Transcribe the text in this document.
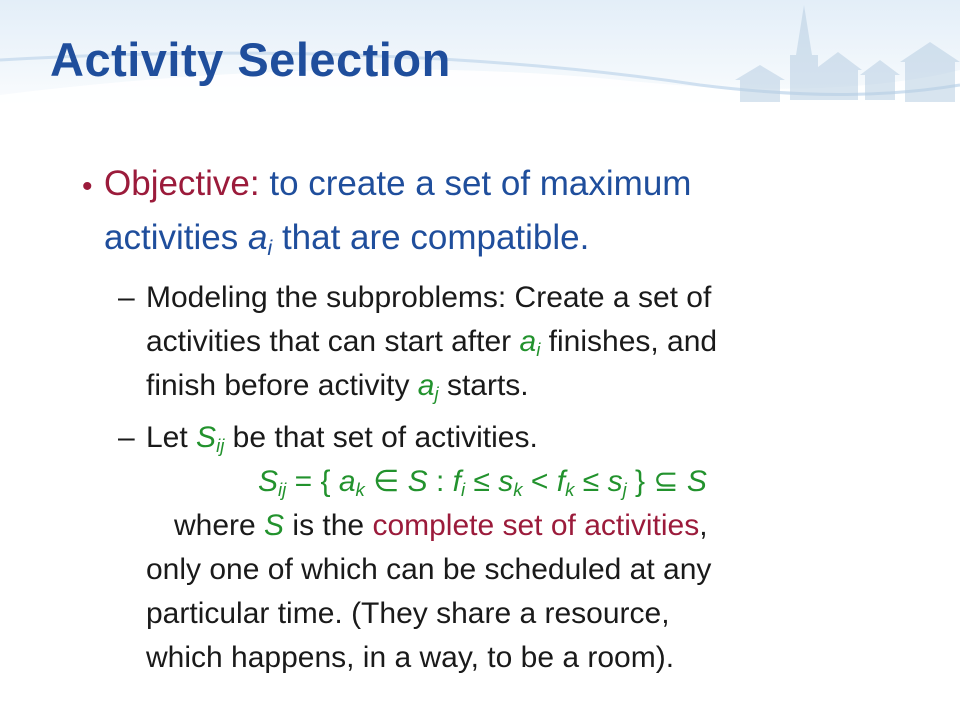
Activity Selection
• Objective: to create a set of maximum
activities $a_i$ that are compatible.
– Modeling the subproblems: Create a set of
activities that can start after $a_i$ finishes, and
finish before activity $a_j$ starts.
– Let $S_{ij}$ be that set of activities.
$S_{ij}$ = { $a_k$ ∈ S : $f_i \le s_k < f_k \le s_j$ } ⊆ S
where S is the complete set of activities,
only one of which can be scheduled at any
particular time. (They share a resource,
which happens, in a way, to be a room).
